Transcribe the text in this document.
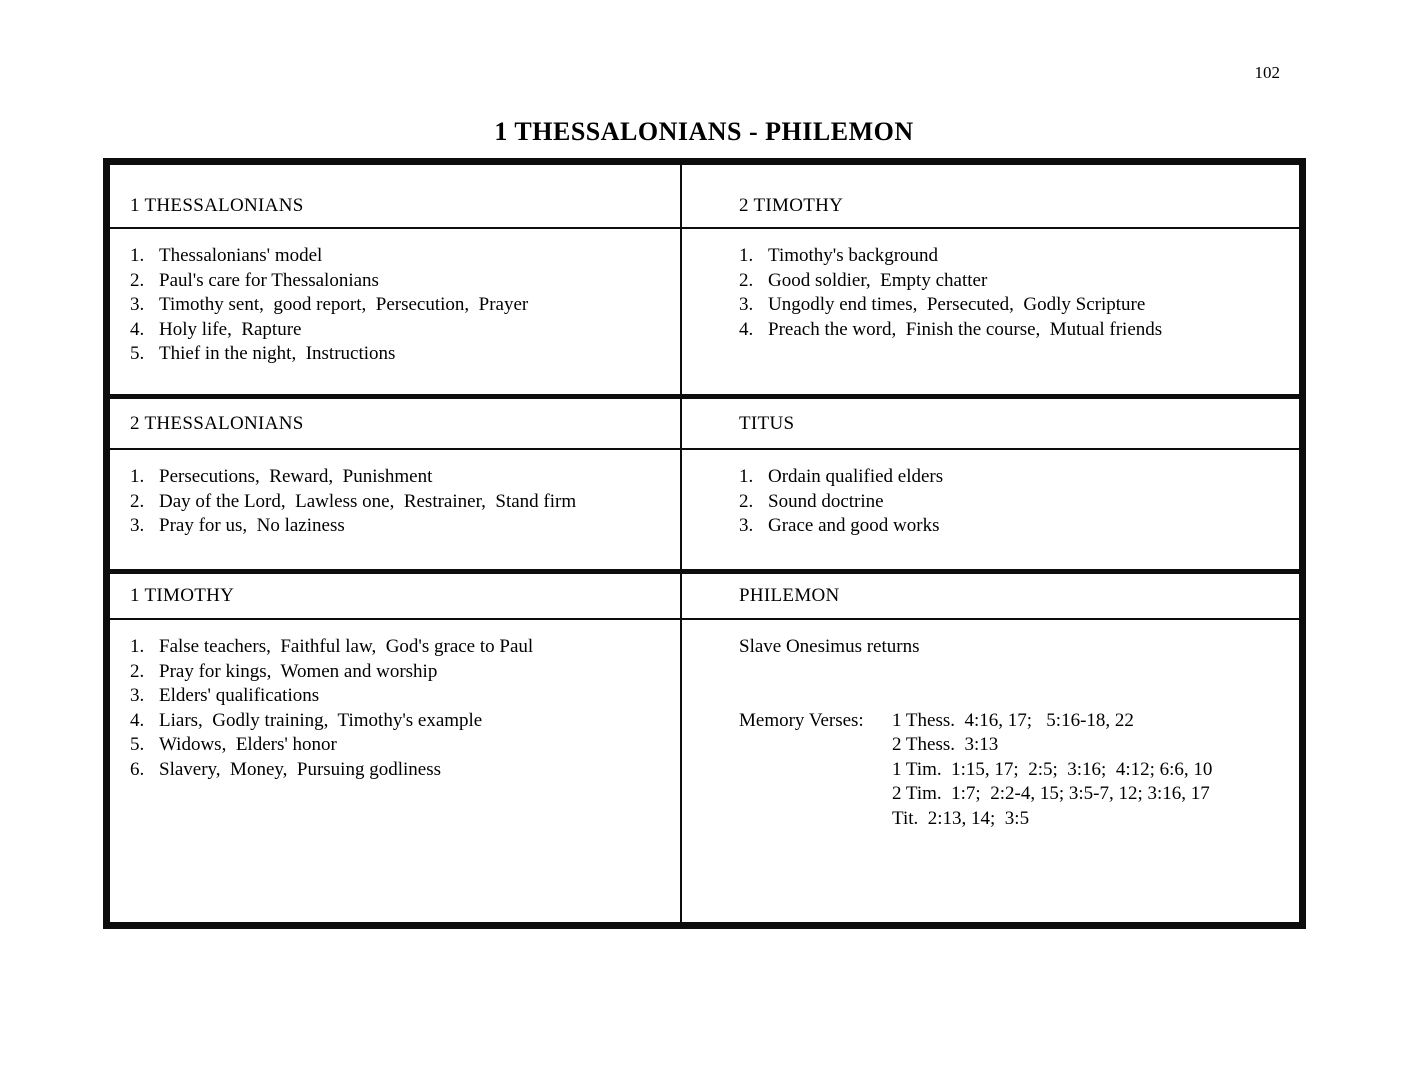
102
1 THESSALONIANS - PHILEMON
1 THESSALONIANS	2 TIMOTHY
1. Thessalonians' model
2. Paul's care for Thessalonians
3. Timothy sent,  good report,  Persecution,  Prayer
4. Holy life,  Rapture
5. Thief in the night,  Instructions
1. Timothy's background
2. Good soldier,  Empty chatter
3. Ungodly end times,  Persecuted,  Godly Scripture
4. Preach the word,  Finish the course,  Mutual friends
2 THESSALONIANS	TITUS
1. Persecutions,  Reward,  Punishment
2. Day of the Lord,  Lawless one,  Restrainer,  Stand firm
3. Pray for us,  No laziness
1. Ordain qualified elders
2. Sound doctrine
3. Grace and good works
1 TIMOTHY	PHILEMON
1. False teachers,  Faithful law,  God's grace to Paul
2. Pray for kings,  Women and worship
3. Elders' qualifications
4. Liars,  Godly training,  Timothy's example
5. Widows,  Elders' honor
6. Slavery,  Money,  Pursuing godliness
Slave Onesimus returns
Memory Verses:	1 Thess.  4:16, 17;   5:16-18, 22
2 Thess.  3:13
1 Tim.  1:15, 17;  2:5;  3:16;  4:12; 6:6, 10
2 Tim.  1:7;  2:2-4, 15; 3:5-7, 12; 3:16, 17
Tit.  2:13, 14;  3:5
